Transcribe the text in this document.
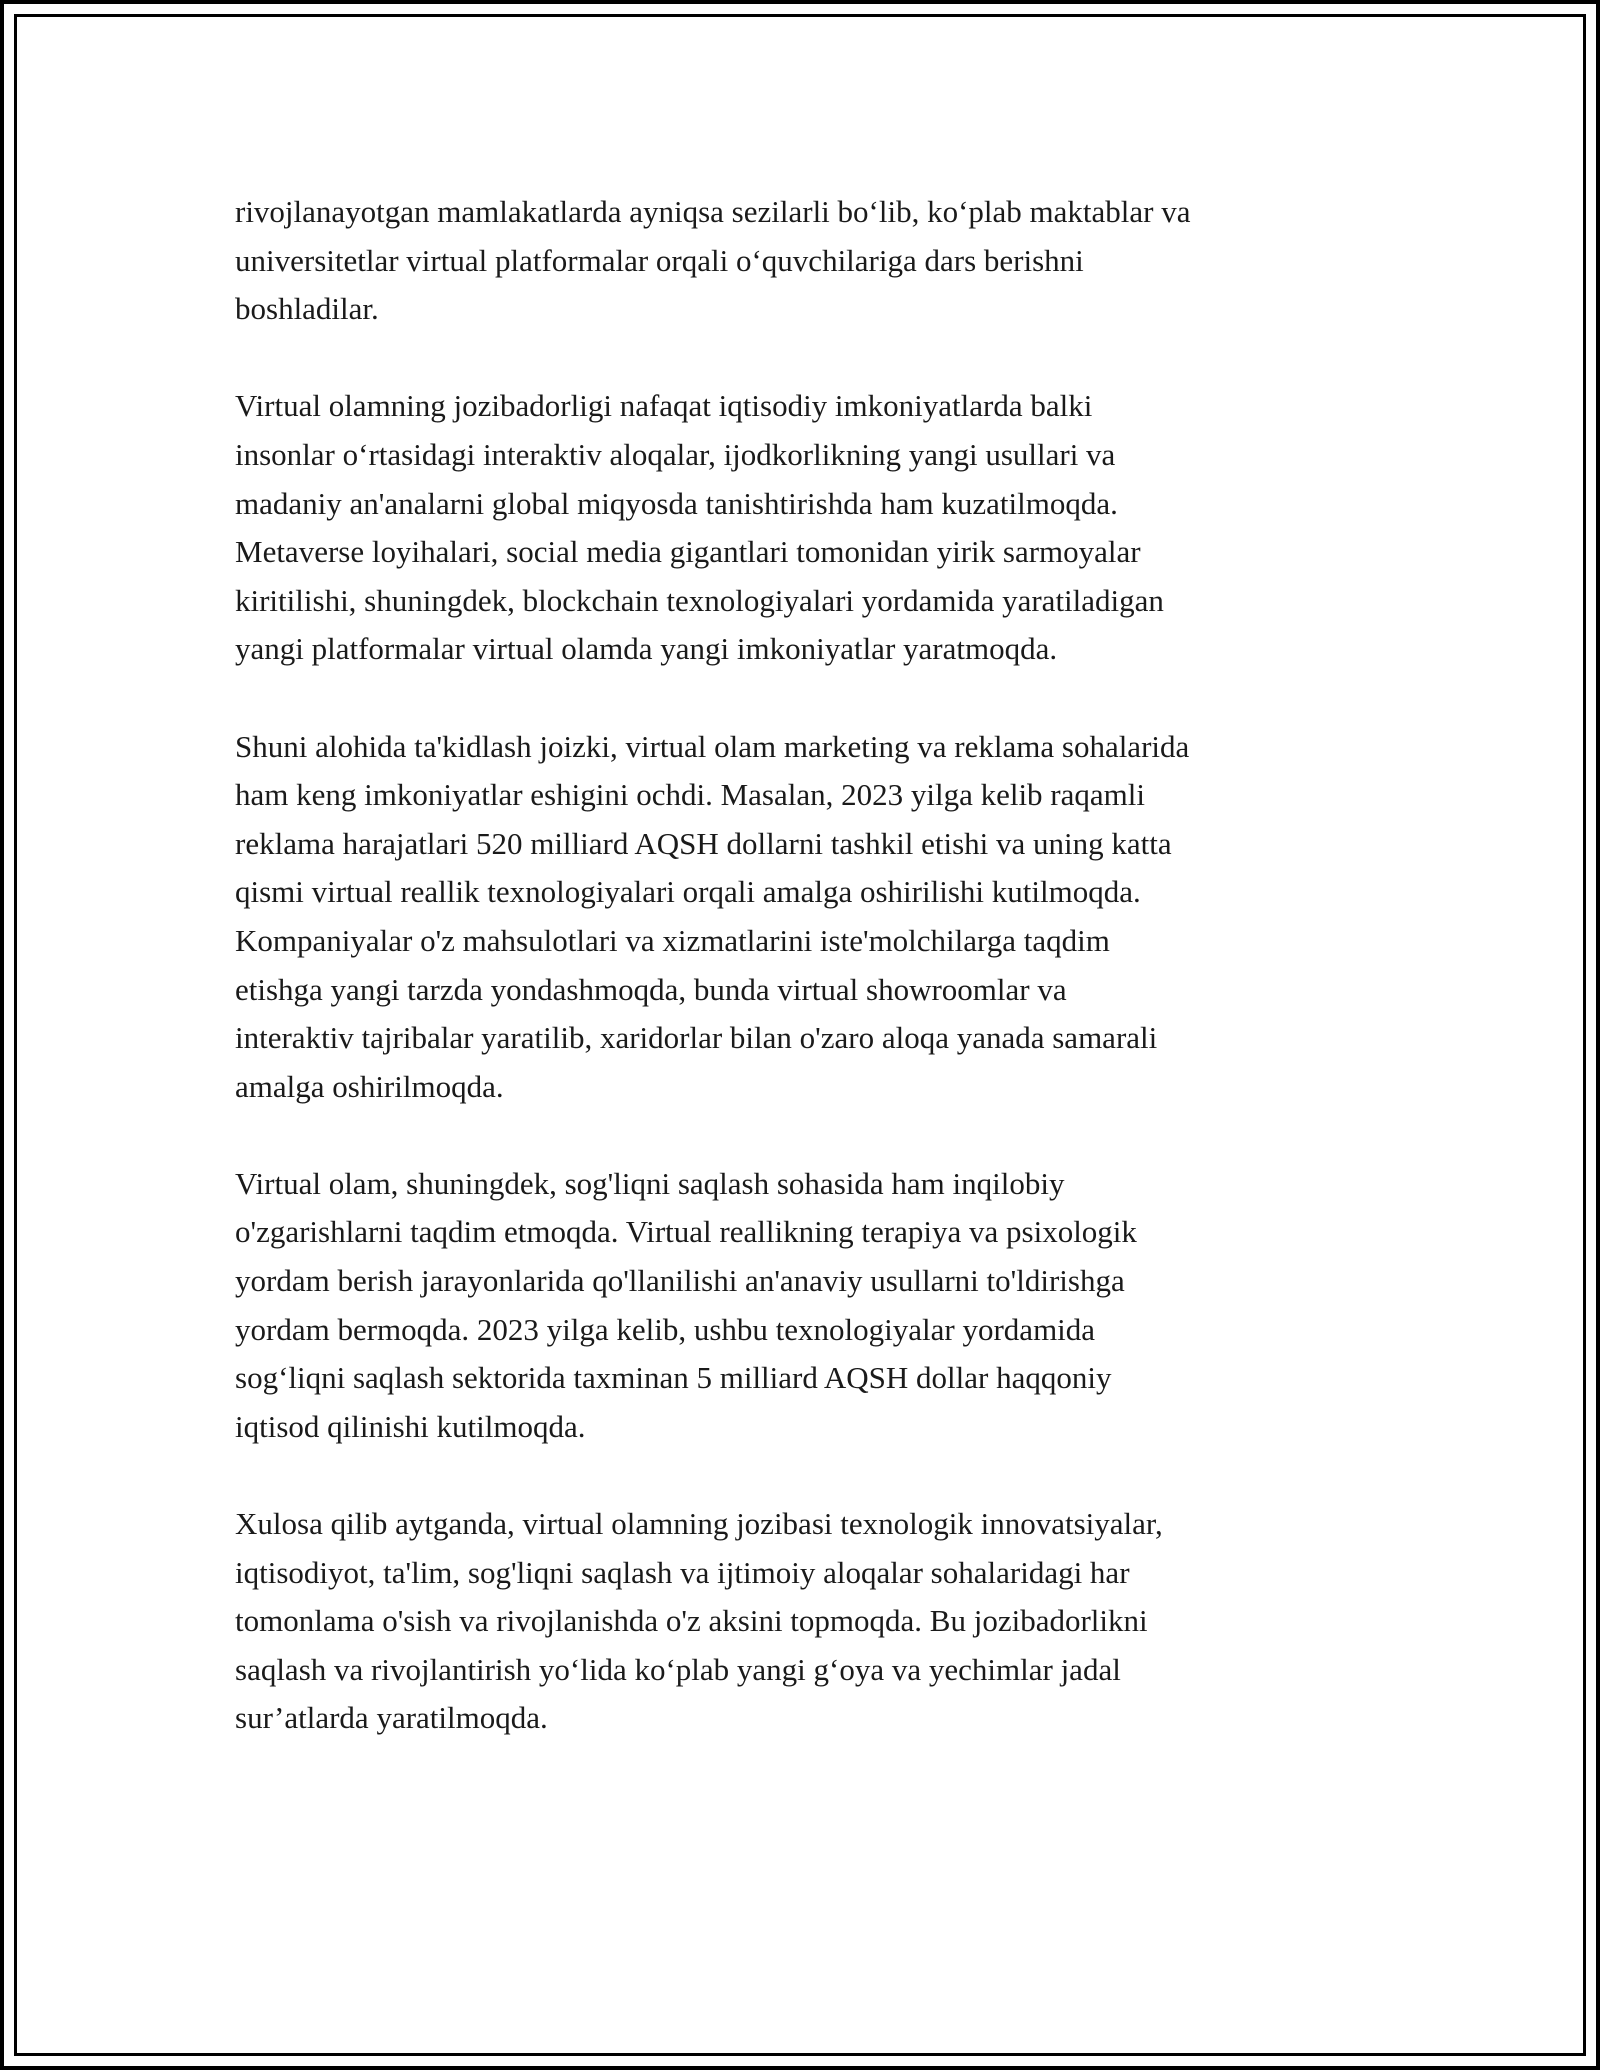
rivojlanayotgan mamlakatlarda ayniqsa sezilarli bo‘lib, ko‘plab maktablar va
universitetlar virtual platformalar orqali o‘quvchilariga dars berishni
boshladilar.

Virtual olamning jozibadorligi nafaqat iqtisodiy imkoniyatlarda balki
insonlar o‘rtasidagi interaktiv aloqalar, ijodkorlikning yangi usullari va
madaniy an'analarni global miqyosda tanishtirishda ham kuzatilmoqda.
Metaverse loyihalari, social media gigantlari tomonidan yirik sarmoyalar
kiritilishi, shuningdek, blockchain texnologiyalari yordamida yaratiladigan
yangi platformalar virtual olamda yangi imkoniyatlar yaratmoqda.

Shuni alohida ta'kidlash joizki, virtual olam marketing va reklama sohalarida
ham keng imkoniyatlar eshigini ochdi. Masalan, 2023 yilga kelib raqamli
reklama harajatlari 520 milliard AQSH dollarni tashkil etishi va uning katta
qismi virtual reallik texnologiyalari orqali amalga oshirilishi kutilmoqda.
Kompaniyalar o'z mahsulotlari va xizmatlarini iste'molchilarga taqdim
etishga yangi tarzda yondashmoqda, bunda virtual showroomlar va
interaktiv tajribalar yaratilib, xaridorlar bilan o'zaro aloqa yanada samarali
amalga oshirilmoqda.

Virtual olam, shuningdek, sog'liqni saqlash sohasida ham inqilobiy
o'zgarishlarni taqdim etmoqda. Virtual reallikning terapiya va psixologik
yordam berish jarayonlarida qo'llanilishi an'anaviy usullarni to'ldirishga
yordam bermoqda. 2023 yilga kelib, ushbu texnologiyalar yordamida
sog‘liqni saqlash sektorida taxminan 5 milliard AQSH dollar haqqoniy
iqtisod qilinishi kutilmoqda.

Xulosa qilib aytganda, virtual olamning jozibasi texnologik innovatsiyalar,
iqtisodiyot, ta'lim, sog'liqni saqlash va ijtimoiy aloqalar sohalaridagi har
tomonlama o'sish va rivojlanishda o'z aksini topmoqda. Bu jozibadorlikni
saqlash va rivojlantirish yo‘lida ko‘plab yangi g‘oya va yechimlar jadal
sur’atlarda yaratilmoqda.
